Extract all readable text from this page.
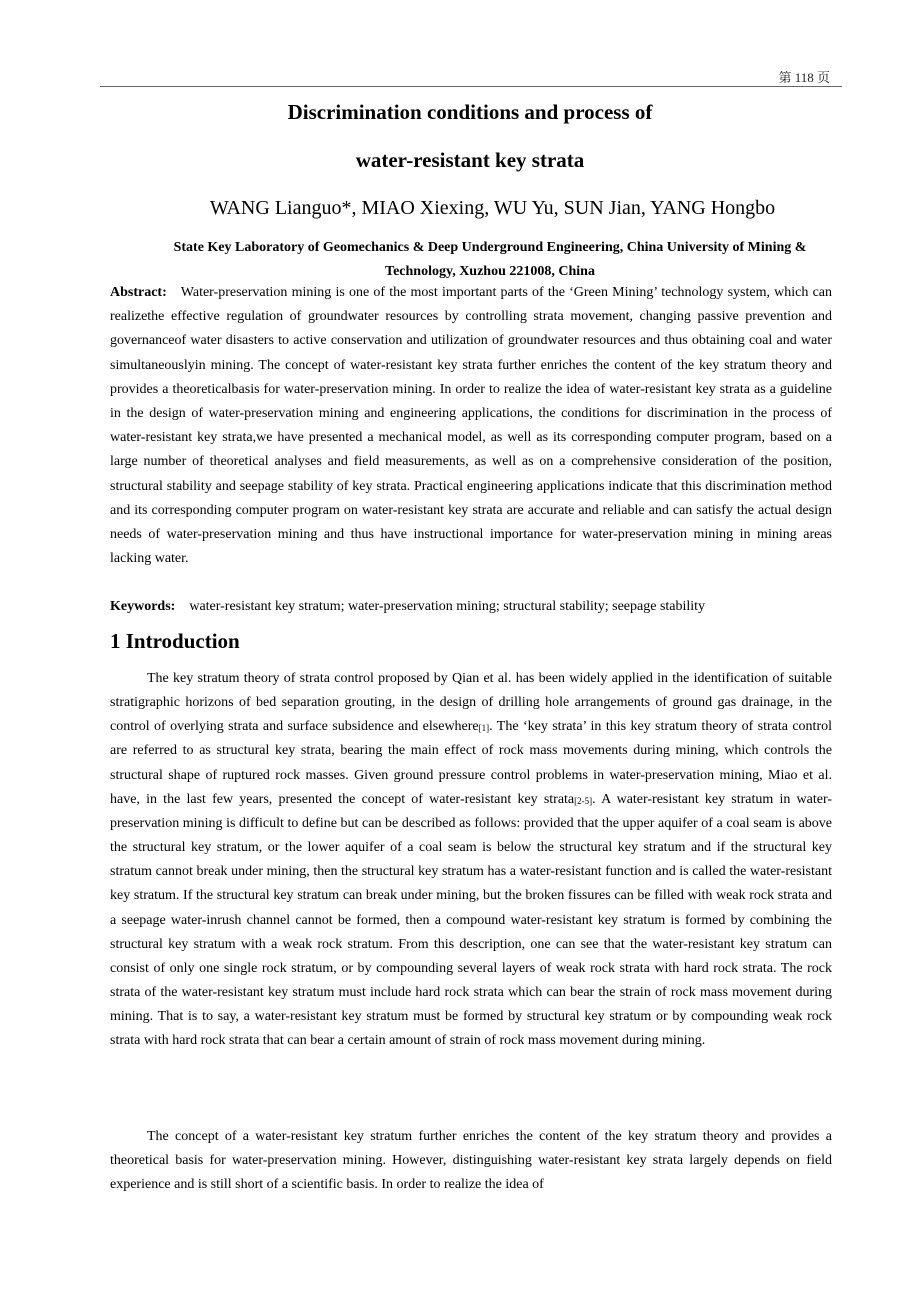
第 118 页
Discrimination conditions and process of
water-resistant key strata
WANG Lianguo*, MIAO Xiexing, WU Yu, SUN Jian, YANG Hongbo
State Key Laboratory of Geomechanics & Deep Underground Engineering, China University of Mining & Technology, Xuzhou 221008, China

Abstract: Water-preservation mining is one of the most important parts of the ‘Green Mining’ technology system, which can realizethe effective regulation of groundwater resources by controlling strata movement, changing passive prevention and governanceof water disasters to active conservation and utilization of groundwater resources and thus obtaining coal and water simultaneouslyin mining. The concept of water-resistant key strata further enriches the content of the key stratum theory and provides a theoreticalbasis for water-preservation mining. In order to realize the idea of water-resistant key strata as a guideline in the design of water-preservation mining and engineering applications, the conditions for discrimination in the process of water-resistant key strata,we have presented a mechanical model, as well as its corresponding computer program, based on a large number of theoretical analyses and field measurements, as well as on a comprehensive consideration of the position, structural stability and seepage stability of key strata. Practical engineering applications indicate that this discrimination method and its corresponding computer program on water-resistant key strata are accurate and reliable and can satisfy the actual design needs of water-preservation mining and thus have instructional importance for water-preservation mining in mining areas lacking water.

Keywords: water-resistant key stratum; water-preservation mining; structural stability; seepage stability

1 Introduction

The key stratum theory of strata control proposed by Qian et al. has been widely applied in the identification of suitable stratigraphic horizons of bed separation grouting, in the design of drilling hole arrangements of ground gas drainage, in the control of overlying strata and surface subsidence and elsewhere[1]. The ‘key strata’ in this key stratum theory of strata control are referred to as structural key strata, bearing the main effect of rock mass movements during mining, which controls the structural shape of ruptured rock masses. Given ground pressure control problems in water-preservation mining, Miao et al. have, in the last few years, presented the concept of water-resistant key strata[2-5]. A water-resistant key stratum in water-preservation mining is difficult to define but can be described as follows: provided that the upper aquifer of a coal seam is above the structural key stratum, or the lower aquifer of a coal seam is below the structural key stratum and if the structural key stratum cannot break under mining, then the structural key stratum has a water-resistant function and is called the water-resistant key stratum. If the structural key stratum can break under mining, but the broken fissures can be filled with weak rock strata and a seepage water-inrush channel cannot be formed, then a compound water-resistant key stratum is formed by combining the structural key stratum with a weak rock stratum. From this description, one can see that the water-resistant key stratum can consist of only one single rock stratum, or by compounding several layers of weak rock strata with hard rock strata. The rock strata of the water-resistant key stratum must include hard rock strata which can bear the strain of rock mass movement during mining. That is to say, a water-resistant key stratum must be formed by structural key stratum or by compounding weak rock strata with hard rock strata that can bear a certain amount of strain of rock mass movement during mining.

The concept of a water-resistant key stratum further enriches the content of the key stratum theory and provides a theoretical basis for water-preservation mining. However, distinguishing water-resistant key strata largely depends on field experience and is still short of a scientific basis. In order to realize the idea of
